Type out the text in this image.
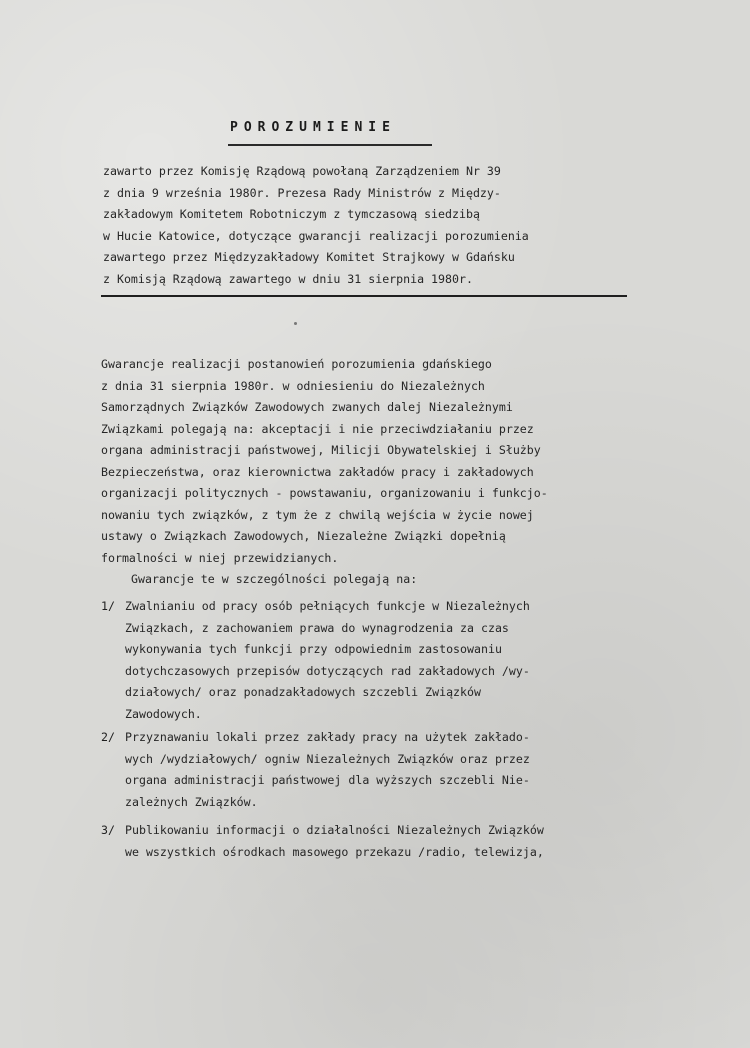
POROZUMIENIE
zawarto przez Komisję Rządową powołaną Zarządzeniem Nr 39
z dnia 9 września 1980r. Prezesa Rady Ministrów z Między-
zakładowym Komitetem Robotniczym z tymczasową siedzibą
w Hucie Katowice, dotyczące gwarancji realizacji porozumienia
zawartego przez Międzyzakładowy Komitet Strajkowy w Gdańsku
z Komisją Rządową zawartego w dniu 31 sierpnia 1980r.
Gwarancje realizacji postanowień porozumienia gdańskiego
z dnia 31 sierpnia 1980r. w odniesieniu do Niezależnych
Samorządnych Związków Zawodowych zwanych dalej Niezależnymi
Związkami polegają na: akceptacji i nie przeciwdziałaniu przez
organa administracji państwowej, Milicji Obywatelskiej i Służby
Bezpieczeństwa, oraz kierownictwa zakładów pracy i zakładowych
organizacji politycznych - powstawaniu, organizowaniu i funkcjo-
nowaniu tych związków, z tym że z chwilą wejścia w życie nowej
ustawy o Związkach Zawodowych, Niezależne Związki dopełnią
formalności w niej przewidzianych.
Gwarancje te w szczególności polegają na:
1/ Zwalnianiu od pracy osób pełniących funkcje w Niezależnych
Związkach, z zachowaniem prawa do wynagrodzenia za czas
wykonywania tych funkcji przy odpowiednim zastosowaniu
dotychczasowych przepisów dotyczących rad zakładowych /wy-
działowych/ oraz ponadzakładowych szczebli Związków
Zawodowych.
2/ Przyznawaniu lokali przez zakłady pracy na użytek zakłado-
wych /wydziałowych/ ogniw Niezależnych Związków oraz przez
organa administracji państwowej dla wyższych szczebli Nie-
zależnych Związków.
3/ Publikowaniu informacji o działalności Niezależnych Związków
we wszystkich ośrodkach masowego przekazu /radio, telewizja,
